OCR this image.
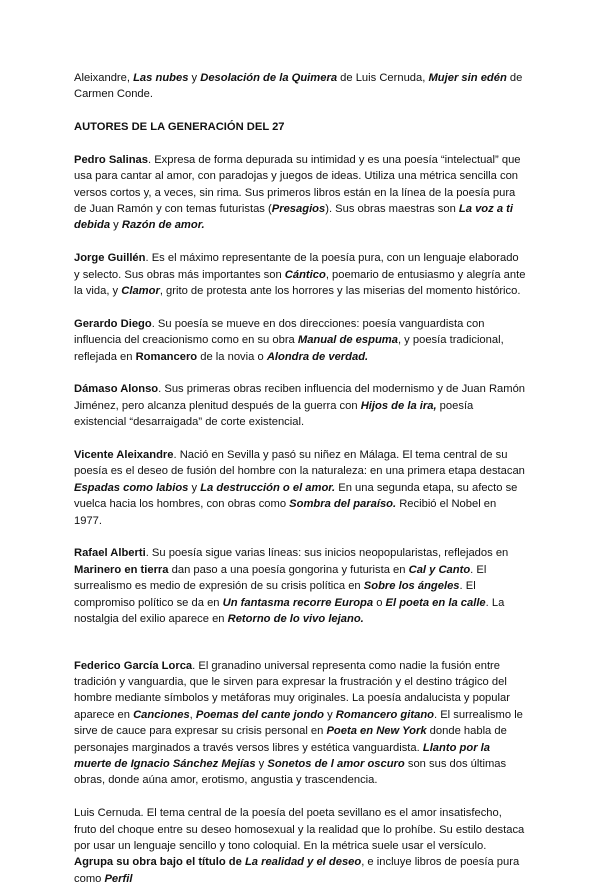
Aleixandre, Las nubes y Desolación de la Quimera de Luis Cernuda, Mujer sin edén de Carmen Conde.

AUTORES DE LA GENERACIÓN DEL 27

Pedro Salinas. Expresa de forma depurada su intimidad y es una poesía “intelectual” que usa para cantar al amor, con paradojas y juegos de ideas. Utiliza una métrica sencilla con versos cortos y, a veces, sin rima. Sus primeros libros están en la línea de la poesía pura de Juan Ramón y con temas futuristas (Presagios). Sus obras maestras son La voz a ti debida y Razón de amor.

Jorge Guillén. Es el máximo representante de la poesía pura, con un lenguaje elaborado y selecto. Sus obras más importantes son Cántico, poemario de entusiasmo y alegría ante la vida, y Clamor, grito de protesta ante los horrores y las miserias del momento histórico.

Gerardo Diego. Su poesía se mueve en dos direcciones: poesía vanguardista con influencia del creacionismo como en su obra Manual de espuma, y poesía tradicional, reflejada en Romancero de la novia o Alondra de verdad.

Dámaso Alonso. Sus primeras obras reciben influencia del modernismo y de Juan Ramón Jiménez, pero alcanza plenitud después de la guerra con Hijos de la ira, poesía existencial “desarraigada” de corte existencial.

Vicente Aleixandre. Nació en Sevilla y pasó su niñez en Málaga. El tema central de su poesía es el deseo de fusión del hombre con la naturaleza: en una primera etapa destacan Espadas como labios y La destrucción o el amor. En una segunda etapa, su afecto se vuelca hacia los hombres, con obras como Sombra del paraíso. Recibió el Nobel en 1977.

Rafael Alberti. Su poesía sigue varias líneas: sus inicios neopopularistas, reflejados en Marinero en tierra dan paso a una poesía gongorina y futurista en Cal y Canto. El surrealismo es medio de expresión de su crisis política en Sobre los ángeles. El compromiso político se da en Un fantasma recorre Europa o El poeta en la calle. La nostalgia del exilio aparece en Retorno de lo vivo lejano.

Federico García Lorca. El granadino universal representa como nadie la fusión entre tradición y vanguardia, que le sirven para expresar la frustración y el destino trágico del hombre mediante símbolos y metáforas muy originales. La poesía andalucista y popular aparece en Canciones, Poemas del cante jondo y Romancero gitano. El surrealismo le sirve de cauce para expresar su crisis personal en Poeta en New York donde habla de personajes marginados a través versos libres y estética vanguardista. Llanto por la muerte de Ignacio Sánchez Mejías y Sonetos de l amor oscuro son sus dos últimas obras, donde aúna amor, erotismo, angustia y trascendencia.

Luis Cernuda. El tema central de la poesía del poeta sevillano es el amor insatisfecho, fruto del choque entre su deseo homosexual y la realidad que lo prohíbe. Su estilo destaca por usar un lenguaje sencillo y tono coloquial. En la métrica suele usar el versículo. Agrupa su obra bajo el título de La realidad y el deseo, e incluye libros de poesía pura como Perfil
